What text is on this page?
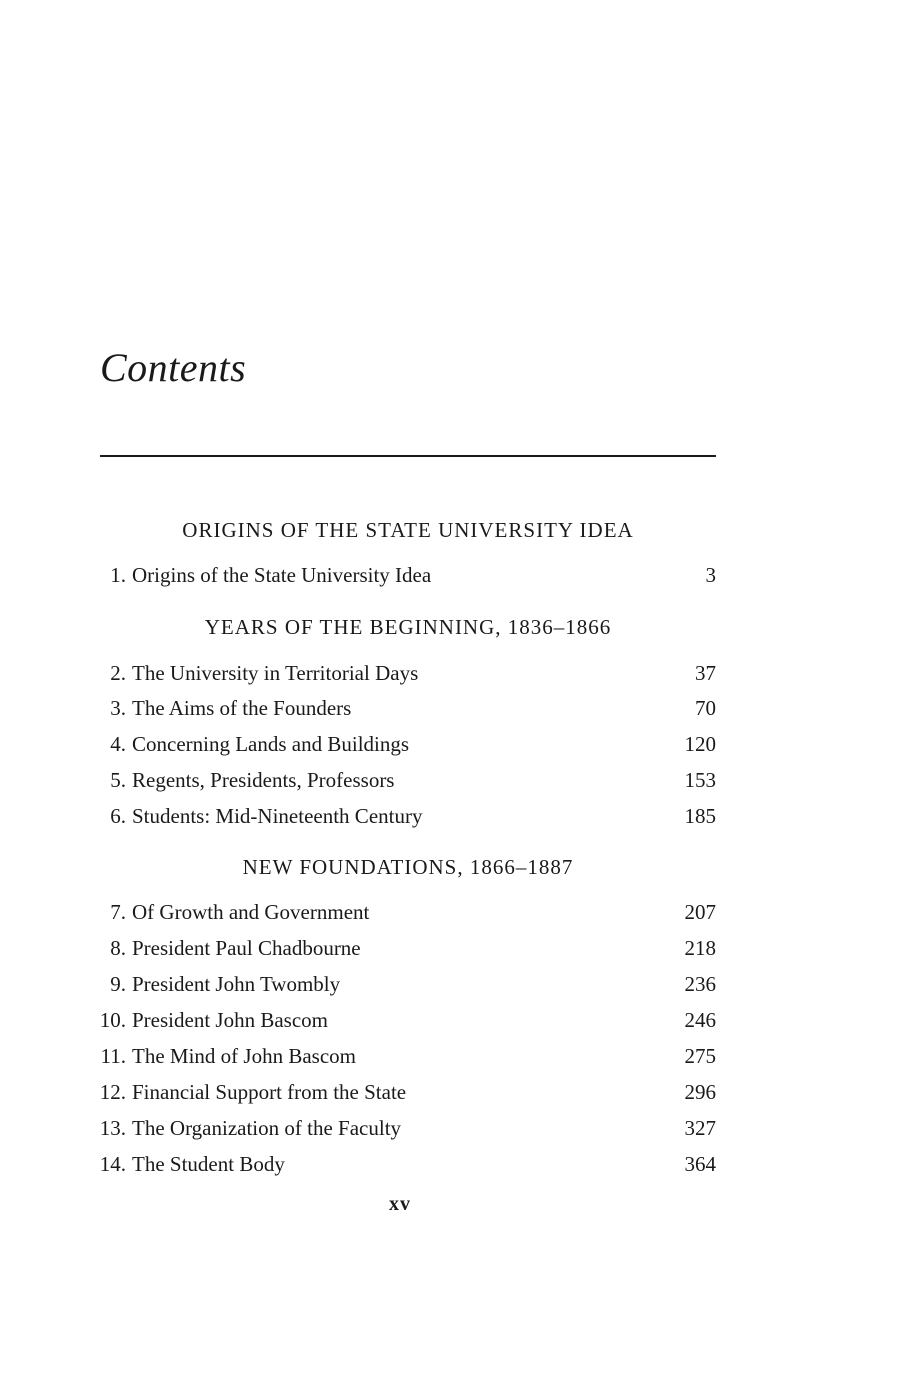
Contents
ORIGINS OF THE STATE UNIVERSITY IDEA
1. Origins of the State University Idea	3
YEARS OF THE BEGINNING, 1836–1866
2. The University in Territorial Days	37
3. The Aims of the Founders	70
4. Concerning Lands and Buildings	120
5. Regents, Presidents, Professors	153
6. Students: Mid-Nineteenth Century	185
NEW FOUNDATIONS, 1866–1887
7. Of Growth and Government	207
8. President Paul Chadbourne	218
9. President John Twombly	236
10. President John Bascom	246
11. The Mind of John Bascom	275
12. Financial Support from the State	296
13. The Organization of the Faculty	327
14. The Student Body	364
xv
